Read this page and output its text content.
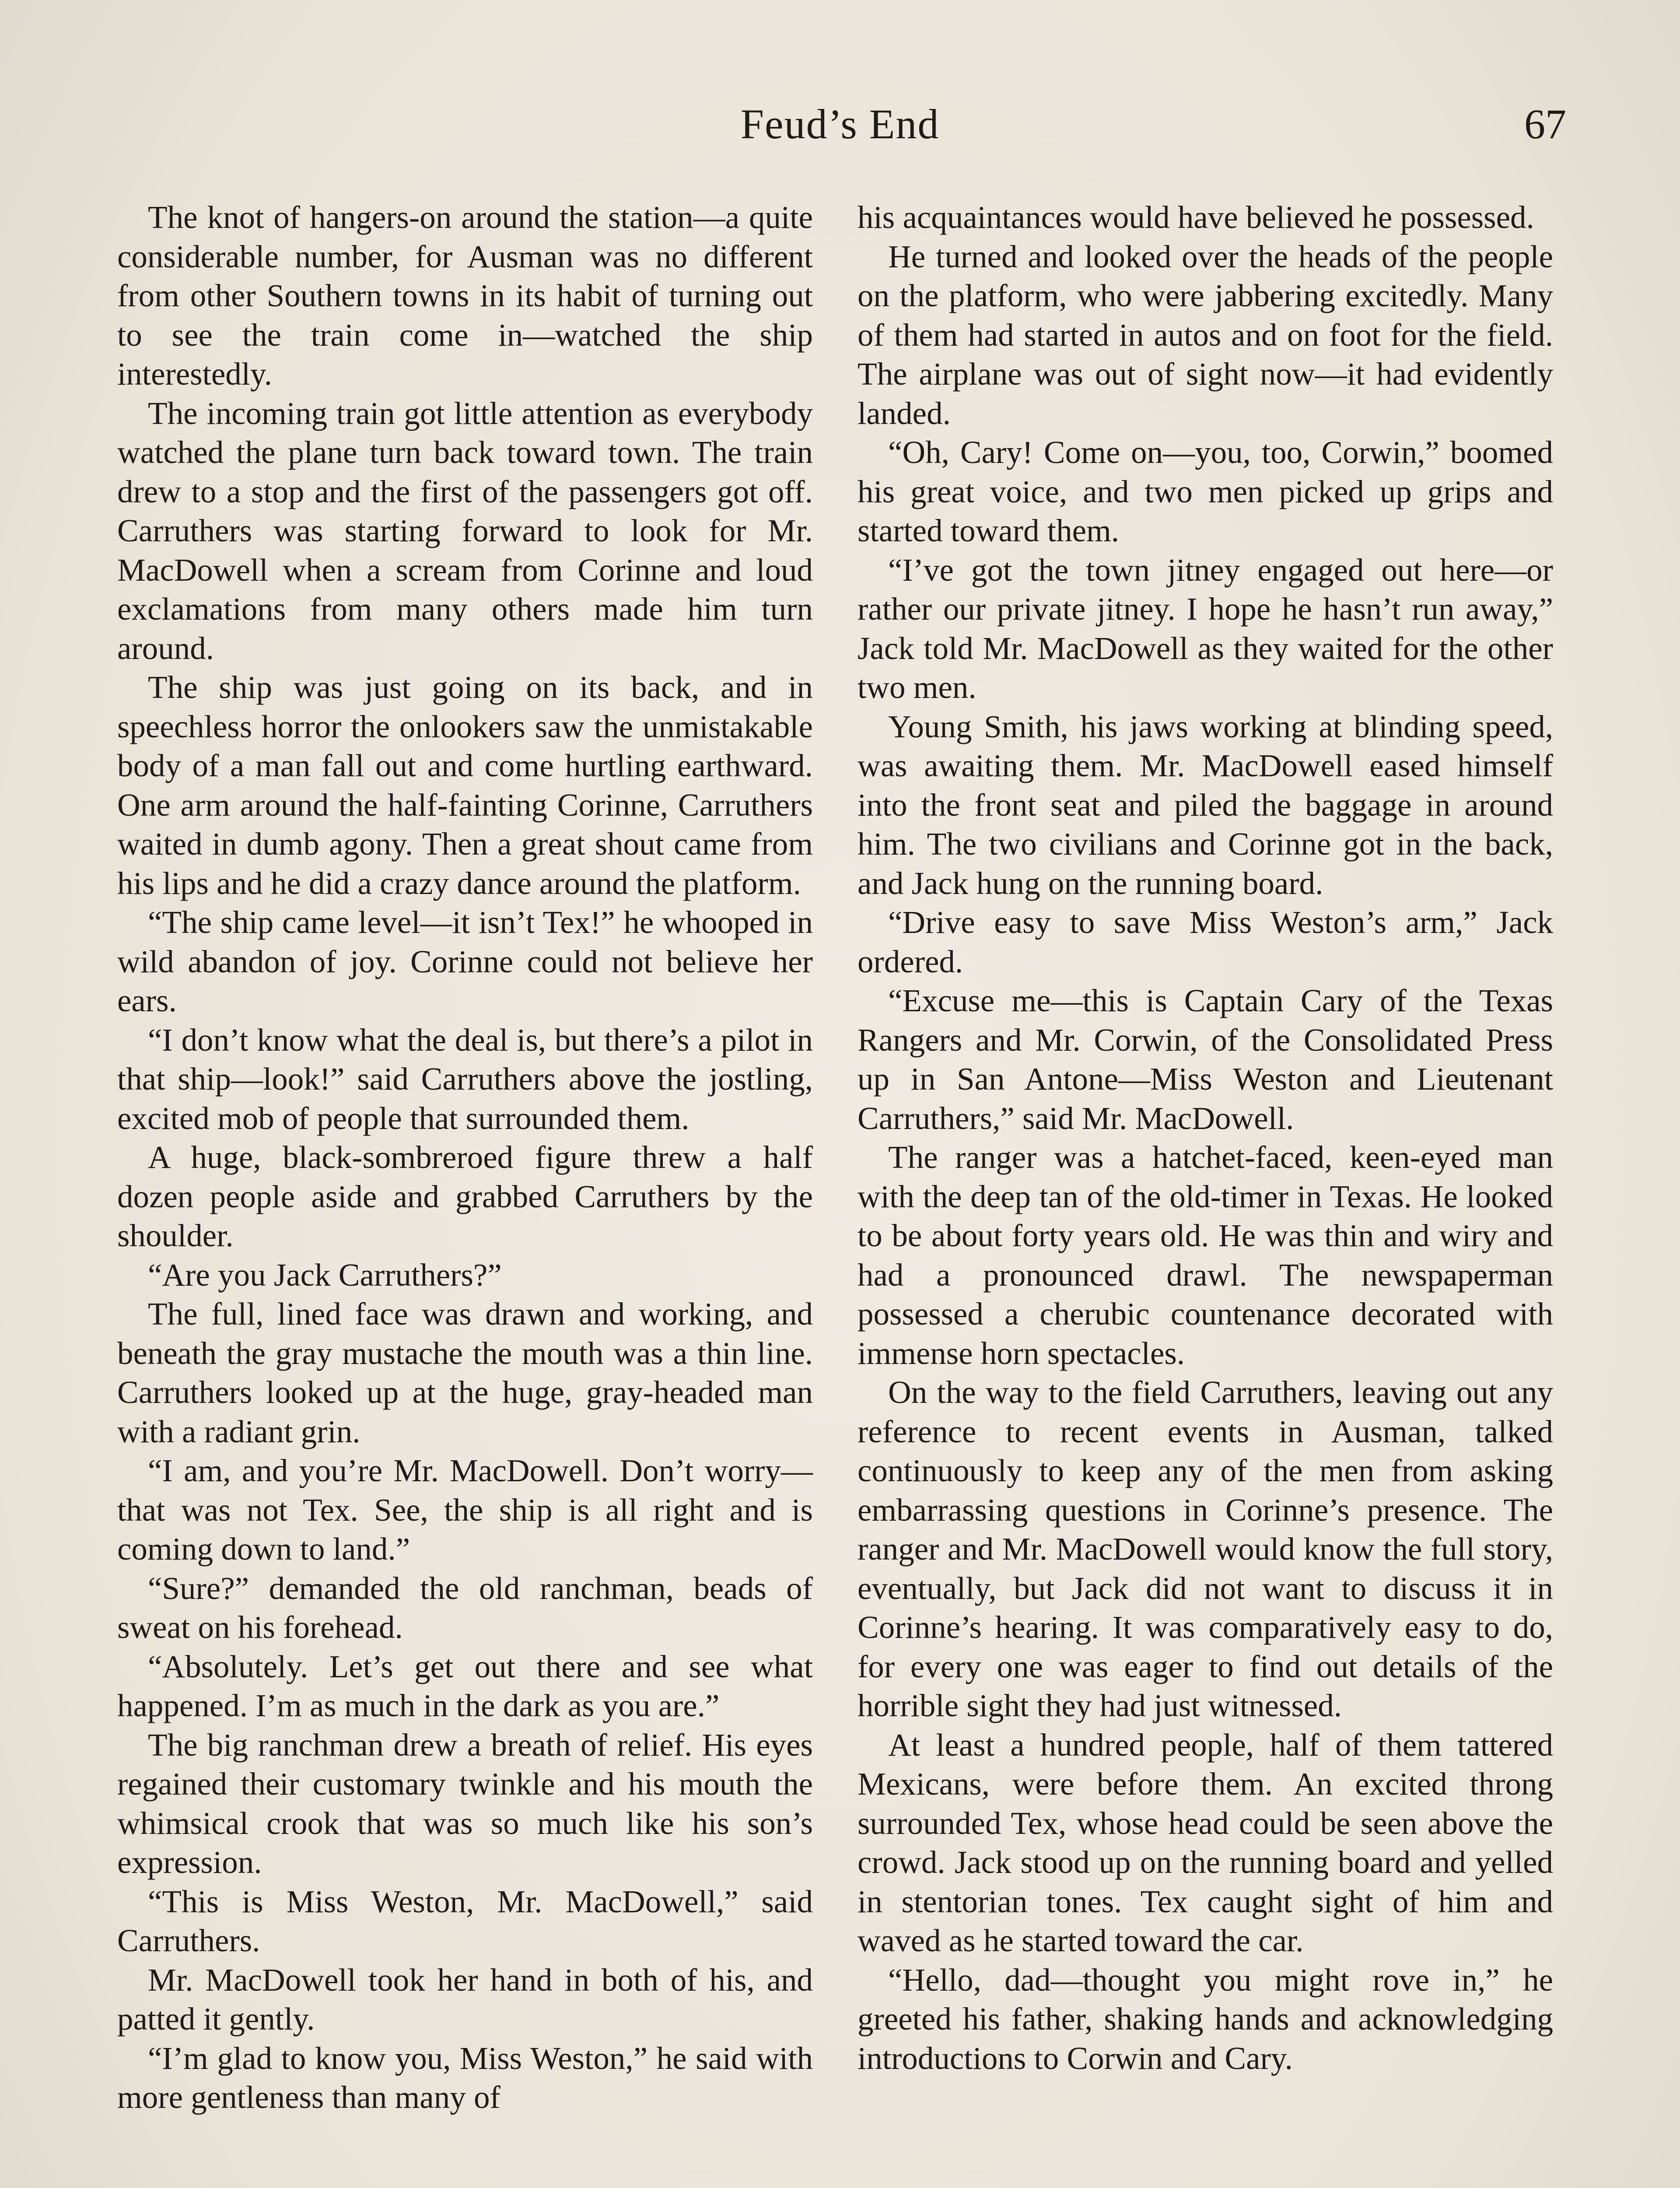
Feud’s End	67

The knot of hangers-on around the station—a quite considerable number, for Ausman was no different from other Southern towns in its habit of turning out to see the train come in—watched the ship interestedly.

The incoming train got little attention as everybody watched the plane turn back toward town. The train drew to a stop and the first of the passengers got off. Carruthers was starting forward to look for Mr. MacDowell when a scream from Corinne and loud exclamations from many others made him turn around.

The ship was just going on its back, and in speechless horror the onlookers saw the unmistakable body of a man fall out and come hurtling earthward. One arm around the half-fainting Corinne, Carruthers waited in dumb agony. Then a great shout came from his lips and he did a crazy dance around the platform.

“The ship came level—it isn’t Tex!” he whooped in wild abandon of joy. Corinne could not believe her ears.

“I don’t know what the deal is, but there’s a pilot in that ship—look!” said Carruthers above the jostling, excited mob of people that surrounded them.

A huge, black-sombreroed figure threw a half dozen people aside and grabbed Carruthers by the shoulder.

“Are you Jack Carruthers?”

The full, lined face was drawn and working, and beneath the gray mustache the mouth was a thin line. Carruthers looked up at the huge, gray-headed man with a radiant grin.

“I am, and you’re Mr. MacDowell. Don’t worry—that was not Tex. See, the ship is all right and is coming down to land.”

“Sure?” demanded the old ranchman, beads of sweat on his forehead.

“Absolutely. Let’s get out there and see what happened. I’m as much in the dark as you are.”

The big ranchman drew a breath of relief. His eyes regained their customary twinkle and his mouth the whimsical crook that was so much like his son’s expression.

“This is Miss Weston, Mr. MacDowell,” said Carruthers.

Mr. MacDowell took her hand in both of his, and patted it gently.

“I’m glad to know you, Miss Weston,” he said with more gentleness than many of

his acquaintances would have believed he possessed.

He turned and looked over the heads of the people on the platform, who were jabbering excitedly. Many of them had started in autos and on foot for the field. The airplane was out of sight now—it had evidently landed.

“Oh, Cary! Come on—you, too, Corwin,” boomed his great voice, and two men picked up grips and started toward them.

“I’ve got the town jitney engaged out here—or rather our private jitney. I hope he hasn’t run away,” Jack told Mr. MacDowell as they waited for the other two men.

Young Smith, his jaws working at blinding speed, was awaiting them. Mr. MacDowell eased himself into the front seat and piled the baggage in around him. The two civilians and Corinne got in the back, and Jack hung on the running board.

“Drive easy to save Miss Weston’s arm,” Jack ordered.

“Excuse me—this is Captain Cary of the Texas Rangers and Mr. Corwin, of the Consolidated Press up in San Antone—Miss Weston and Lieutenant Carruthers,” said Mr. MacDowell.

The ranger was a hatchet-faced, keen-eyed man with the deep tan of the old-timer in Texas. He looked to be about forty years old. He was thin and wiry and had a pronounced drawl. The newspaperman possessed a cherubic countenance decorated with immense horn spectacles.

On the way to the field Carruthers, leaving out any reference to recent events in Ausman, talked continuously to keep any of the men from asking embarrassing questions in Corinne’s presence. The ranger and Mr. MacDowell would know the full story, eventually, but Jack did not want to discuss it in Corinne’s hearing. It was comparatively easy to do, for every one was eager to find out details of the horrible sight they had just witnessed.

At least a hundred people, half of them tattered Mexicans, were before them. An excited throng surrounded Tex, whose head could be seen above the crowd. Jack stood up on the running board and yelled in stentorian tones. Tex caught sight of him and waved as he started toward the car.

“Hello, dad—thought you might rove in,” he greeted his father, shaking hands and acknowledging introductions to Corwin and Cary.
